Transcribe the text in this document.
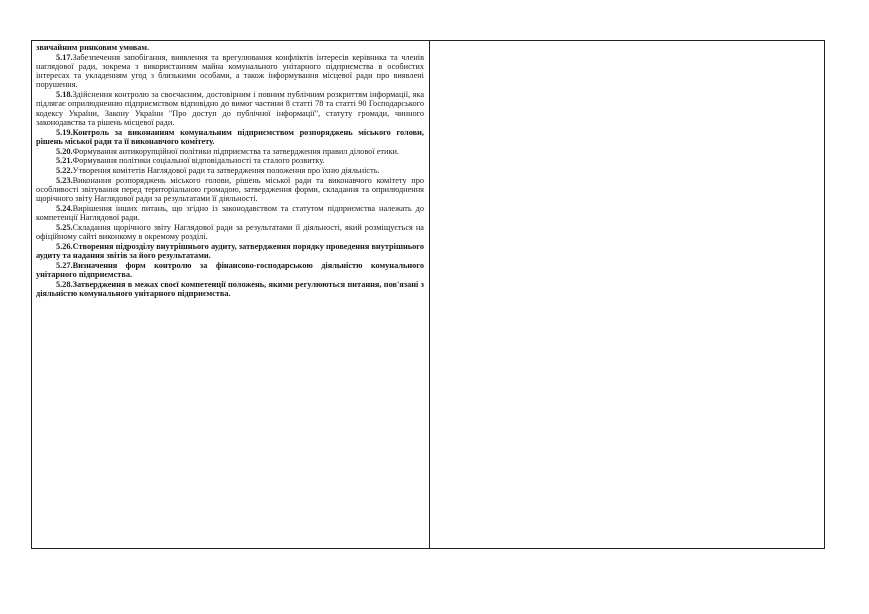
звичайним ринковим умовам.

5.17.Забезпечення запобігання, виявлення та врегулювання конфліктів інтересів керівника та членів наглядової ради, зокрема з використанням майна комунального унітарного підприємства в особистих інтересах та укладенням угод з близькими особами, а також інформування місцевої ради про виявлені порушення.

5.18.Здійснення контролю за своєчасним, достовірним і повним публічним розкриттям інформації, яка підлягає оприлюдненню підприємством відповідно до вимог частини 8 статті 78 та статті 90 Господарського кодексу України, Закону України "Про доступ до публічної інформації", статуту громади, чинного законодавства та рішень місцевої ради.

5.19.Контроль за виконанням комунальним підприємством розпоряджень міського голови, рішень міської ради та її виконавчого комітету.

5.20.Формування антикорупційної політики підприємства та затвердження правил ділової етики.

5.21.Формування політики соціальної відповідальності та сталого розвитку.

5.22.Утворення комітетів Наглядової ради та затвердження положення про їхню діяльність.

5.23.Виконання розпоряджень міського голови, рішень міської ради та виконавчого комітету про особливості звітування перед територіальною громадою, затвердження форми, складання та оприлюднення щорічного звіту Наглядової ради за результатами її діяльності.

5.24.Вирішення інших питань, що згідно із законодавством та статутом підприємства належать до компетенції Наглядової ради.

5.25.Складання щорічного звіту Наглядової ради за результатами її діяльності, який розміщується на офіційному сайті виконкому в окремому розділі.

5.26.Створення підрозділу внутрішнього аудиту, затвердження порядку проведення внутрішнього аудиту та надання звітів за його результатами.

5.27.Визначення форм контролю за фінансово-господарською діяльністю комунального унітарного підприємства.

5.28.Затвердження в межах своєї компетенції положень, якими регулюються питання, пов'язані з діяльністю комунального унітарного підприємства.
